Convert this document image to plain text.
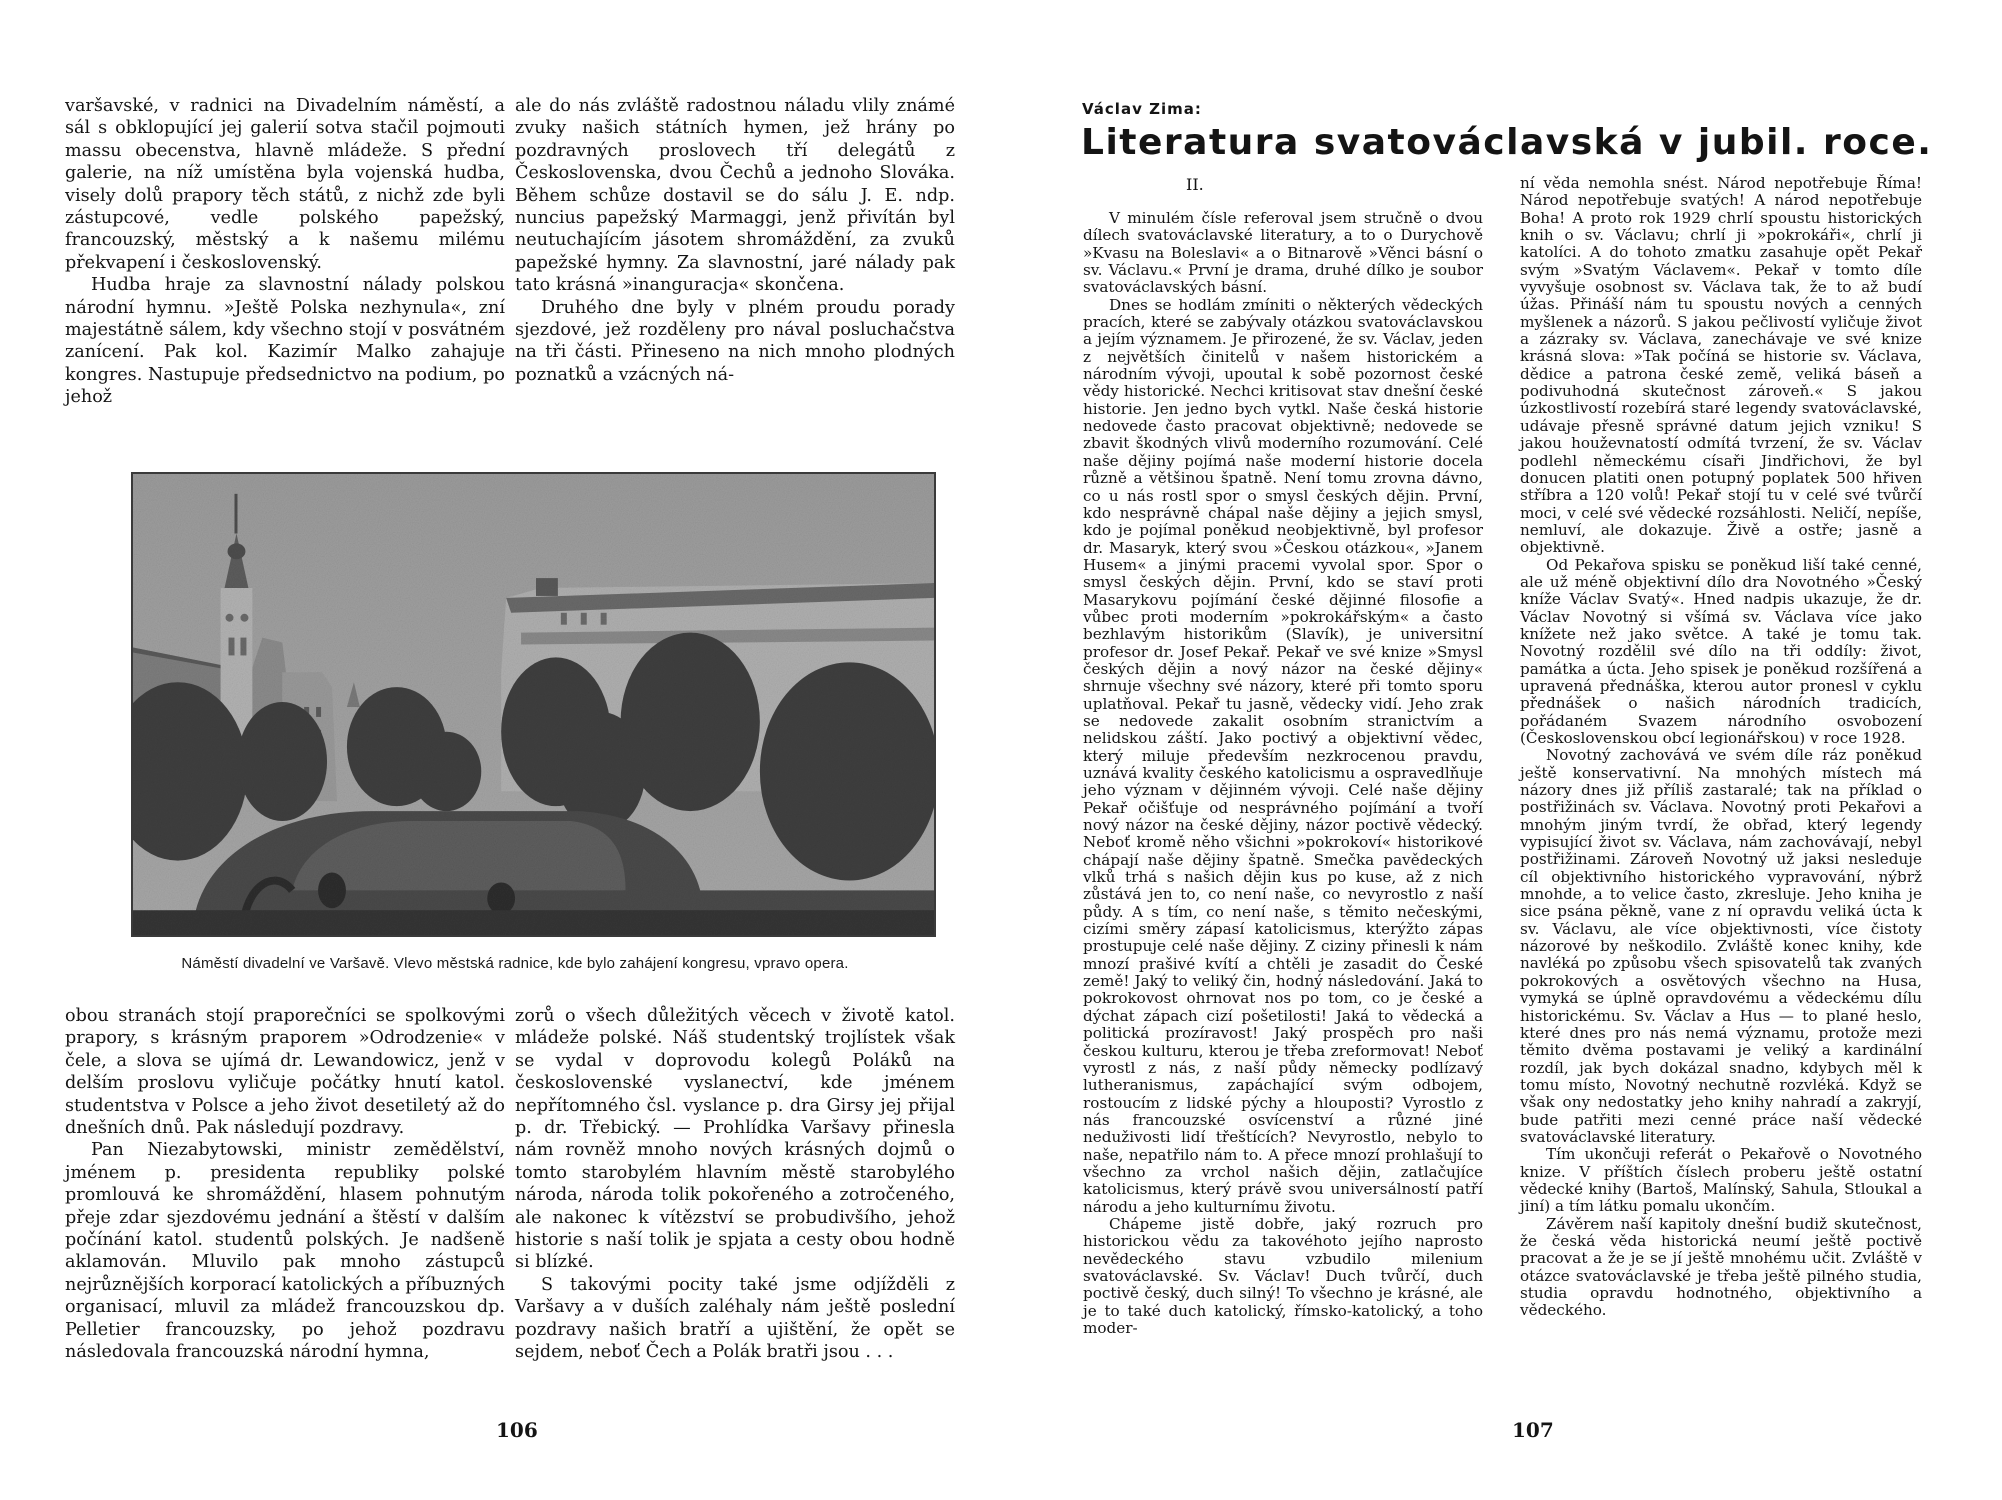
varšavské, v radnici na Divadelním náměstí, a sál s obklopující jej galerií sotva stačil pojmouti massu obecenstva, hlavně mládeže. S přední galerie, na níž umístěna byla vojenská hudba, visely dolů prapory těch států, z nichž zde byli zástupcové, vedle polského papežský, francouzský, městský a k našemu milému překvapení i československý.

Hudba hraje za slavnostní nálady polskou národní hymnu. »Ještě Polska nezhynula«, zní majestátně sálem, kdy všechno stojí v posvátném zanícení. Pak kol. Kazimír Malko zahajuje kongres. Nastupuje předsednictvo na podium, po jehož

ale do nás zvláště radostnou náladu vlily známé zvuky našich státních hymen, jež hrány po pozdravných proslovech tří delegátů z Československa, dvou Čechů a jednoho Slováka. Během schůze dostavil se do sálu J. E. ndp. nuncius papežský Marmaggi, jenž přivítán byl neutuchajícím jásotem shromáždění, za zvuků papežské hymny. Za slavnostní, jaré nálady pak tato krásná »inanguracja« skončena.

Druhého dne byly v plném proudu porady sjezdové, jež rozděleny pro nával posluchačstva na tři části. Přineseno na nich mnoho plodných poznatků a vzácných ná-

Náměstí divadelní ve Varšavě. Vlevo městská radnice, kde bylo zahájení kongresu, vpravo opera.

obou stranách stojí praporečníci se spolkovými prapory, s krásným praporem »Odrodzenie« v čele, a slova se ujímá dr. Lewandowicz, jenž v delším proslovu vyličuje počátky hnutí katol. studentstva v Polsce a jeho život desetiletý až do dnešních dnů. Pak následují pozdravy.

Pan Niezabytowski, ministr zemědělství, jménem p. presidenta republiky polské promlouvá ke shromáždění, hlasem pohnutým přeje zdar sjezdovému jednání a štěstí v dalším počínání katol. studentů polských. Je nadšeně aklamován. Mluvilo pak mnoho zástupců nejrůznějších korporací katolických a příbuzných organisací, mluvil za mládež francouzskou dp. Pelletier francouzsky, po jehož pozdravu následovala francouzská národní hymna,

zorů o všech důležitých věcech v životě katol. mládeže polské. Náš studentský trojlístek však se vydal v doprovodu kolegů Poláků na československé vyslanectví, kde jménem nepřítomného čsl. vyslance p. dra Girsy jej přijal p. dr. Třebický. — Prohlídka Varšavy přinesla nám rovněž mnoho nových krásných dojmů o tomto starobylém hlavním městě starobylého národa, národa tolik pokořeného a zotročeného, ale nakonec k vítězství se probudivšího, jehož historie s naší tolik je spjata a cesty obou hodně si blízké.

S takovými pocity také jsme odjížděli z Varšavy a v duších zaléhaly nám ještě poslední pozdravy našich bratří a ujištění, že opět se sejdem, neboť Čech a Polák bratři jsou . . .

106
Václav Zima:
Literatura svatováclavská v jubil. roce.
II.

V minulém čísle referoval jsem stručně o dvou dílech svatováclavské literatury, a to o Durychově »Kvasu na Boleslavi« a o Bitnarově »Věnci básní o sv. Václavu.« První je drama, druhé dílko je soubor svatováclavských básní.

Dnes se hodlám zmíniti o některých vědeckých pracích, které se zabývaly otázkou svatováclavskou a jejím významem. Je přirozené, že sv. Václav, jeden z největších činitelů v našem historickém a národním vývoji, upoutal k sobě pozornost české vědy historické. Nechci kritisovat stav dnešní české historie. Jen jedno bych vytkl. Naše česká historie nedovede často pracovat objektivně; nedovede se zbavit škodných vlivů moderního rozumování. Celé naše dějiny pojímá naše moderní historie docela různě a většinou špatně. Není tomu zrovna dávno, co u nás rostl spor o smysl českých dějin. První, kdo nesprávně chápal naše dějiny a jejich smysl, kdo je pojímal poněkud neobjektivně, byl profesor dr. Masaryk, který svou »Českou otázkou«, »Janem Husem« a jinými pracemi vyvolal spor. Spor o smysl českých dějin. První, kdo se staví proti Masarykovu pojímání české dějinné filosofie a vůbec proti moderním »pokrokářským« a často bezhlavým historikům (Slavík), je universitní profesor dr. Josef Pekař. Pekař ve své knize »Smysl českých dějin a nový názor na české dějiny« shrnuje všechny své názory, které při tomto sporu uplatňoval. Pekař tu jasně, vědecky vidí. Jeho zrak se nedovede zakalit osobním stranictvím a nelidskou záští. Jako poctivý a objektivní vědec, který miluje především nezkrocenou pravdu, uznává kvality českého katolicismu a ospravedlňuje jeho význam v dějinném vývoji. Celé naše dějiny Pekař očišťuje od nesprávného pojímání a tvoří nový názor na české dějiny, názor poctivě vědecký. Neboť kromě něho všichni »pokrokoví« historikové chápají naše dějiny špatně. Smečka pavědeckých vlků trhá s našich dějin kus po kuse, až z nich zůstává jen to, co není naše, co nevyrostlo z naší půdy. A s tím, co není naše, s těmito nečeskými, cizími směry zápasí katolicismus, kterýžto zápas prostupuje celé naše dějiny. Z ciziny přinesli k nám mnozí prašivé kvítí a chtěli je zasadit do České země! Jaký to veliký čin, hodný následování. Jaká to pokrokovost ohrnovat nos po tom, co je české a dýchat zápach cizí pošetilosti! Jaká to vědecká a politická prozíravost! Jaký prospěch pro naši českou kulturu, kterou je třeba zreformovat! Neboť vyrostl z nás, z naší půdy německy podlízavý lutheranismus, zapáchající svým odbojem, rostoucím z lidské pýchy a hlouposti? Vyrostlo z nás francouzské osvícenství a různé jiné neduživosti lidí třeštících? Nevyrostlo, nebylo to naše, nepatřilo nám to. A přece mnozí prohlašují to všechno za vrchol našich dějin, zatlačujíce katolicismus, který právě svou universálností patří národu a jeho kulturnímu životu.

Chápeme jistě dobře, jaký rozruch pro historickou vědu za takovéhoto jejího naprosto nevědeckého stavu vzbudilo milenium svatováclavské. Sv. Václav! Duch tvůrčí, duch poctivě český, duch silný! To všechno je krásné, ale je to také duch katolický, římsko-katolický, a toho moder-

ní věda nemohla snést. Národ nepotřebuje Říma! Národ nepotřebuje svatých! A národ nepotřebuje Boha! A proto rok 1929 chrlí spoustu historických knih o sv. Václavu; chrlí ji »pokrokáři«, chrlí ji katolíci. A do tohoto zmatku zasahuje opět Pekař svým »Svatým Václavem«. Pekař v tomto díle vyvyšuje osobnost sv. Václava tak, že to až budí úžas. Přináší nám tu spoustu nových a cenných myšlenek a názorů. S jakou pečlivostí vyličuje život a zázraky sv. Václava, zanechávaje ve své knize krásná slova: »Tak počíná se historie sv. Václava, dědice a patrona české země, veliká báseň a podivuhodná skutečnost zároveň.« S jakou úzkostlivostí rozebírá staré legendy svatováclavské, udávaje přesně správné datum jejich vzniku! S jakou houževnatostí odmítá tvrzení, že sv. Václav podlehl německému císaři Jindřichovi, že byl donucen platiti onen potupný poplatek 500 hřiven stříbra a 120 volů! Pekař stojí tu v celé své tvůrčí moci, v celé své vědecké rozsáhlosti. Neličí, nepíše, nemluví, ale dokazuje. Živě a ostře; jasně a objektivně.

Od Pekařova spisku se poněkud liší také cenné, ale už méně objektivní dílo dra Novotného »Český kníže Václav Svatý«. Hned nadpis ukazuje, že dr. Václav Novotný si všímá sv. Václava více jako knížete než jako světce. A také je tomu tak. Novotný rozdělil své dílo na tři oddíly: život, památka a úcta. Jeho spisek je poněkud rozšířená a upravená přednáška, kterou autor pronesl v cyklu přednášek o našich národních tradicích, pořádaném Svazem národního osvobození (Československou obcí legionářskou) v roce 1928.

Novotný zachovává ve svém díle ráz poněkud ještě konservativní. Na mnohých místech má názory dnes již příliš zastaralé; tak na příklad o postřižinách sv. Václava. Novotný proti Pekařovi a mnohým jiným tvrdí, že obřad, který legendy vypisující život sv. Václava, nám zachovávají, nebyl postřižinami. Zároveň Novotný už jaksi nesleduje cíl objektivního historického vypravování, nýbrž mnohde, a to velice často, zkresluje. Jeho kniha je sice psána pěkně, vane z ní opravdu veliká úcta k sv. Václavu, ale více objektivnosti, více čistoty názorové by neškodilo. Zvláště konec knihy, kde navléká po způsobu všech spisovatelů tak zvaných pokrokových a osvětových všechno na Husa, vymyká se úplně opravdovému a vědeckému dílu historickému. Sv. Václav a Hus — to plané heslo, které dnes pro nás nemá významu, protože mezi těmito dvěma postavami je veliký a kardinální rozdíl, jak bych dokázal snadno, kdybych měl k tomu místo, Novotný nechutně rozvléká. Když se však ony nedostatky jeho knihy nahradí a zakryjí, bude patřiti mezi cenné práce naší vědecké svatováclavské literatury.

Tím ukončuji referát o Pekařově o Novotného knize. V příštích číslech proberu ještě ostatní vědecké knihy (Bartoš, Malínský, Sahula, Stloukal a jiní) a tím látku pomalu ukončím.

Závěrem naší kapitoly dnešní budiž skutečnost, že česká věda historická neumí ještě poctivě pracovat a že je se jí ještě mnohému učit. Zvláště v otázce svatováclavské je třeba ještě pilného studia, studia opravdu hodnotného, objektivního a vědeckého.

107
